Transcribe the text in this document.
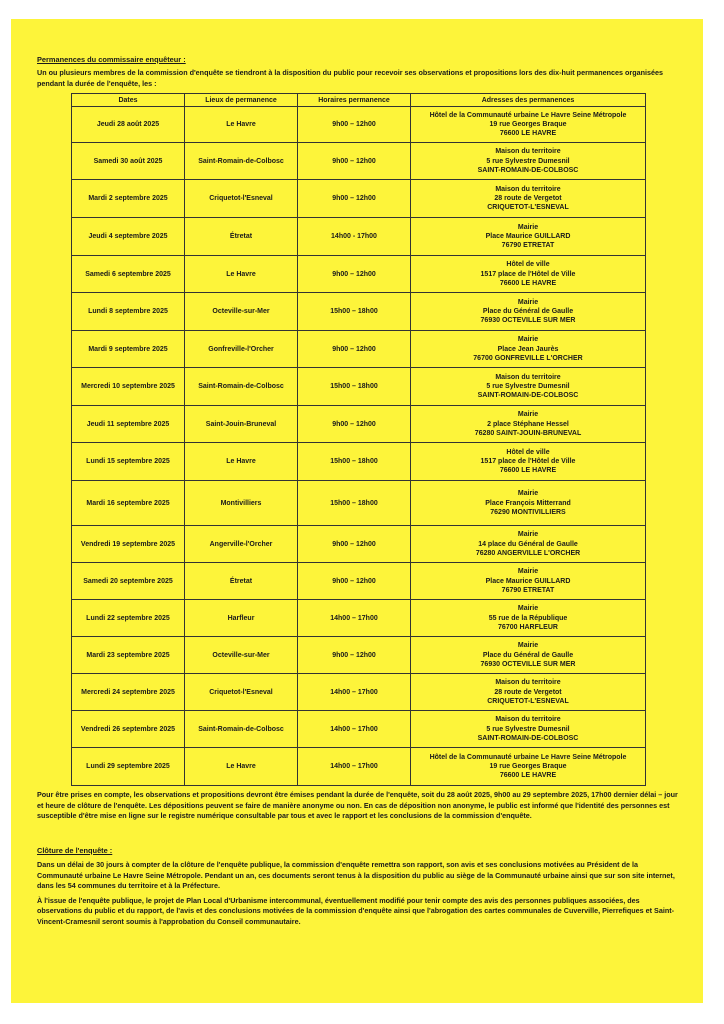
Permanences du commissaire enquêteur :

Un ou plusieurs membres de la commission d'enquête se tiendront à la disposition du public pour recevoir ses observations et propositions lors des dix-huit permanences organisées pendant la durée de l'enquête, les :

Dates	Lieux de permanence	Horaires permanence	Adresses des permanences
Jeudi 28 août 2025	Le Havre	9h00 – 12h00	Hôtel de la Communauté urbaine Le Havre Seine Métropole
19 rue Georges Braque
76600 LE HAVRE

Samedi 30 août 2025	Saint-Romain-de-Colbosc	9h00 – 12h00	Maison du territoire
5 rue Sylvestre Dumesnil
SAINT-ROMAIN-DE-COLBOSC

Mardi 2 septembre 2025	Criquetot-l'Esneval	9h00 – 12h00	Maison du territoire
28 route de Vergetot
CRIQUETOT-L'ESNEVAL

Jeudi 4 septembre 2025	Étretat	14h00 - 17h00	Mairie
Place Maurice GUILLARD
76790 ETRETAT

Samedi 6 septembre 2025	Le Havre	9h00 – 12h00	Hôtel de ville
1517 place de l'Hôtel de Ville
76600 LE HAVRE

Lundi 8 septembre 2025	Octeville-sur-Mer	15h00 – 18h00	Mairie
Place du Général de Gaulle
76930 OCTEVILLE SUR MER

Mardi 9 septembre 2025	Gonfreville-l'Orcher	9h00 – 12h00	Mairie
Place Jean Jaurès
76700 GONFREVILLE L'ORCHER

Mercredi 10 septembre 2025	Saint-Romain-de-Colbosc	15h00 – 18h00	Maison du territoire
5 rue Sylvestre Dumesnil
SAINT-ROMAIN-DE-COLBOSC

Jeudi 11 septembre 2025	Saint-Jouin-Bruneval	9h00 – 12h00	Mairie
2 place Stéphane Hessel
76280 SAINT-JOUIN-BRUNEVAL

Lundi 15 septembre 2025	Le Havre	15h00 – 18h00	Hôtel de ville
1517 place de l'Hôtel de Ville
76600 LE HAVRE

Mardi 16 septembre 2025	Montivilliers	15h00 – 18h00	Mairie
Place François Mitterrand
76290 MONTIVILLIERS

Vendredi 19 septembre 2025	Angerville-l'Orcher	9h00 – 12h00	Mairie
14 place du Général de Gaulle
76280 ANGERVILLE L'ORCHER

Samedi 20 septembre 2025	Étretat	9h00 – 12h00	Mairie
Place Maurice GUILLARD
76790 ETRETAT

Lundi 22 septembre 2025	Harfleur	14h00 – 17h00	Mairie
55 rue de la République
76700 HARFLEUR

Mardi 23 septembre 2025	Octeville-sur-Mer	9h00 – 12h00	Mairie
Place du Général de Gaulle
76930 OCTEVILLE SUR MER

Mercredi 24 septembre 2025	Criquetot-l'Esneval	14h00 – 17h00	Maison du territoire
28 route de Vergetot
CRIQUETOT-L'ESNEVAL

Vendredi 26 septembre 2025	Saint-Romain-de-Colbosc	14h00 – 17h00	Maison du territoire
5 rue Sylvestre Dumesnil
SAINT-ROMAIN-DE-COLBOSC

Lundi 29 septembre 2025	Le Havre	14h00 – 17h00	Hôtel de la Communauté urbaine Le Havre Seine Métropole
19 rue Georges Braque
76600 LE HAVRE

Pour être prises en compte, les observations et propositions devront être émises pendant la durée de l'enquête, soit du 28 août 2025, 9h00 au 29 septembre 2025, 17h00 dernier délai – jour et heure de clôture de l'enquête. Les dépositions peuvent se faire de manière anonyme ou non. En cas de déposition non anonyme, le public est informé que l'identité des personnes est susceptible d'être mise en ligne sur le registre numérique consultable par tous et avec le rapport et les conclusions de la commission d'enquête.

Clôture de l'enquête :

Dans un délai de 30 jours à compter de la clôture de l'enquête publique, la commission d'enquête remettra son rapport, son avis et ses conclusions motivées au Président de la Communauté urbaine Le Havre Seine Métropole. Pendant un an, ces documents seront tenus à la disposition du public au siège de la Communauté urbaine ainsi que sur son site internet, dans les 54 communes du territoire et à la Préfecture.

À l'issue de l'enquête publique, le projet de Plan Local d'Urbanisme intercommunal, éventuellement modifié pour tenir compte des avis des personnes publiques associées, des observations du public et du rapport, de l'avis et des conclusions motivées de la commission d'enquête ainsi que l'abrogation des cartes communales de Cuverville, Pierrefiques et Saint-Vincent-Cramesnil seront soumis à l'approbation du Conseil communautaire.
